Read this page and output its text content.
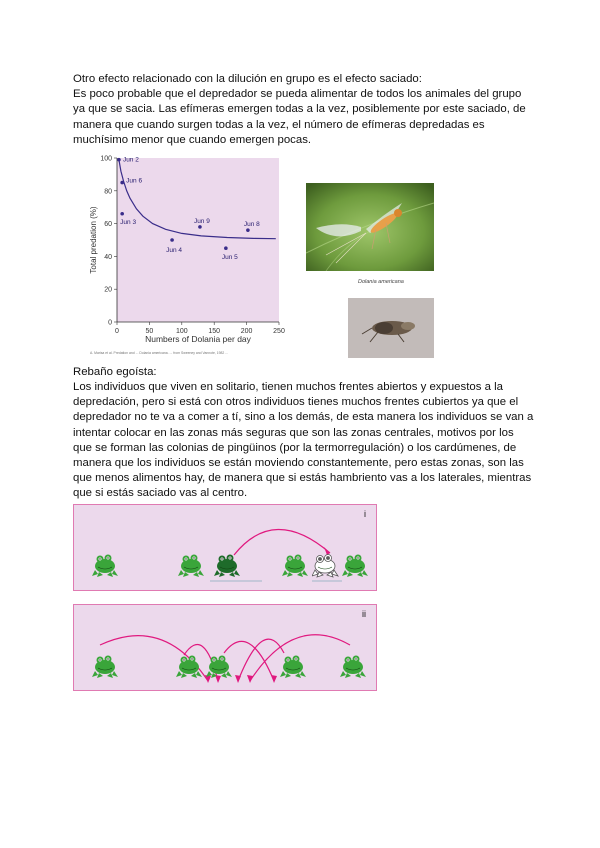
Otro efecto relacionado con la dilución en grupo es el efecto saciado:
Es poco probable que el depredador se pueda alimentar de todos los animales del grupo ya que se sacia. Las efímeras emergen todas a la vez, posiblemente por este saciado, de manera que cuando surgen todas a la vez, el número de efímeras depredadas es muchísimo menor que cuando emergen pocas.
0	50	100	150	200	250
0
20
40
60
80
100 Jun 2
Jun 6
Jun 3
Jun 4
Jun 9
Jun 5
Jun 8
Numbers of Dolania per day
Total predation (%)
A. Marisa et al. Predation and ... Dolania americana. ... from Sweeney and Vannote, 1982 ...
Dolania americana
Rebaño egoísta:
Los individuos que viven en solitario, tienen muchos frentes abiertos y expuestos a la depredación, pero si está con otros individuos tienes muchos frentes cubiertos ya que el depredador no te va a comer a tí, sino a los demás, de esta manera los individuos se van a intentar colocar en las zonas más seguras que son las zonas centrales, motivos por los que se forman las colonias de pingüinos (por la termorregulación) o los cardúmenes, de manera que los individuos se están moviendo constantemente, pero estas zonas, son las que menos alimentos hay, de manera que si estás hambriento vas a los laterales, mientras que si estás saciado vas al centro.
i
ii
